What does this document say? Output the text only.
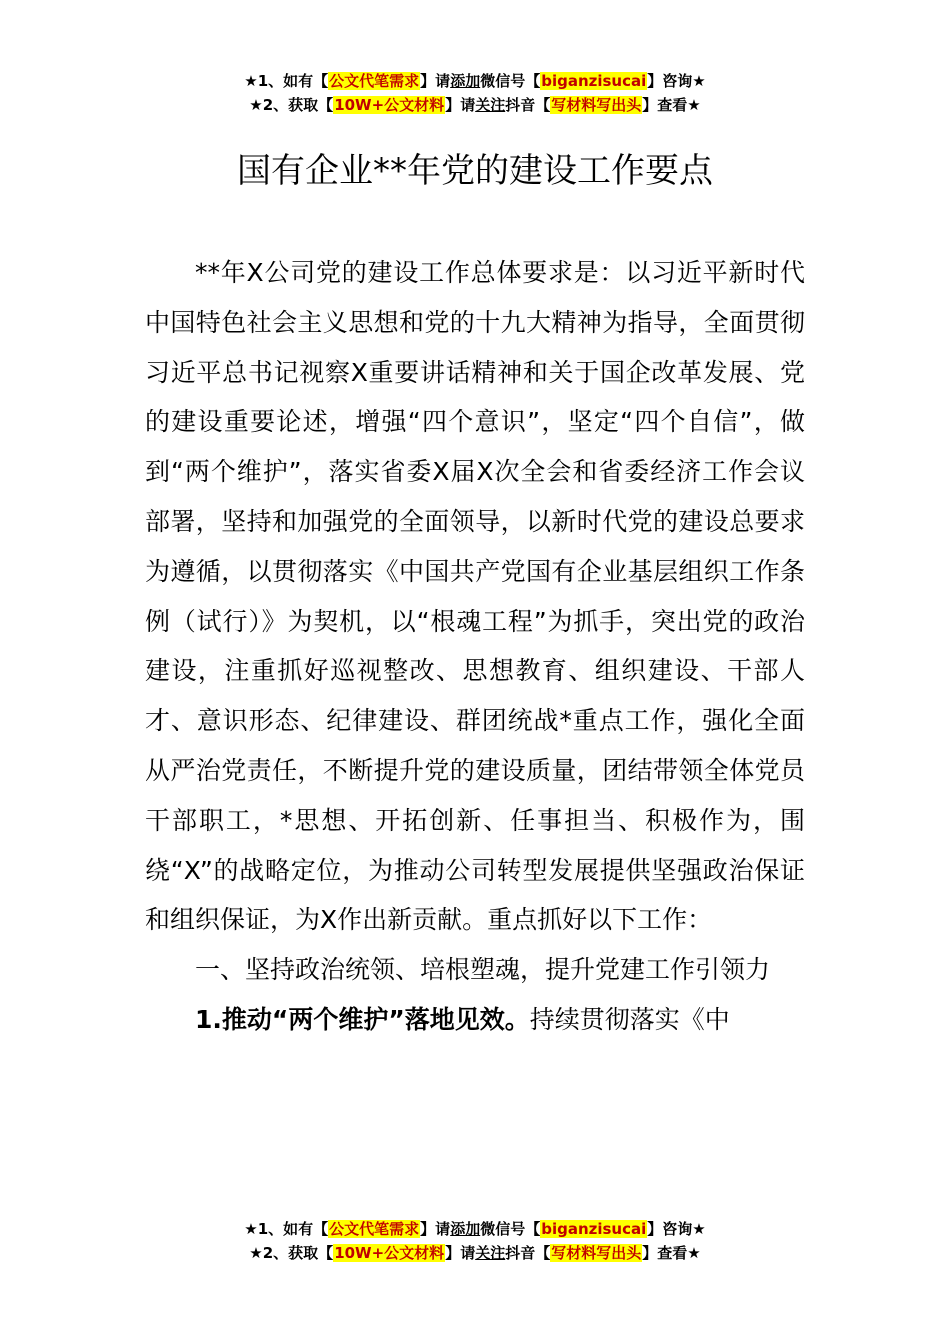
★1、如有【公文代笔需求】请添加微信号【biganzisucai】咨询★
★2、获取【10W+公文材料】请关注抖音【写材料写出头】查看★
国有企业**年党的建设工作要点

**年X公司党的建设工作总体要求是：以习近平新时代中国特色社会主义思想和党的十九大精神为指导，全面贯彻习近平总书记视察X重要讲话精神和关于国企改革发展、党的建设重要论述，增强“四个意识”，坚定“四个自信”，做到“两个维护”，落实省委X届X次全会和省委经济工作会议部署，坚持和加强党的全面领导，以新时代党的建设总要求为遵循，以贯彻落实《中国共产党国有企业基层组织工作条例（试行）》为契机，以“根魂工程”为抓手，突出党的政治建设，注重抓好巡视整改、思想教育、组织建设、干部人才、意识形态、纪律建设、群团统战*重点工作，强化全面从严治党责任，不断提升党的建设质量，团结带领全体党员干部职工，*思想、开拓创新、任事担当、积极作为，围绕“X”的战略定位，为推动公司转型发展提供坚强政治保证和组织保证，为X作出新贡献。重点抓好以下工作：

一、坚持政治统领、培根塑魂，提升党建工作引领力

1.推动“两个维护”落地见效。持续贯彻落实《中

★1、如有【公文代笔需求】请添加微信号【biganzisucai】咨询★
★2、获取【10W+公文材料】请关注抖音【写材料写出头】查看★
